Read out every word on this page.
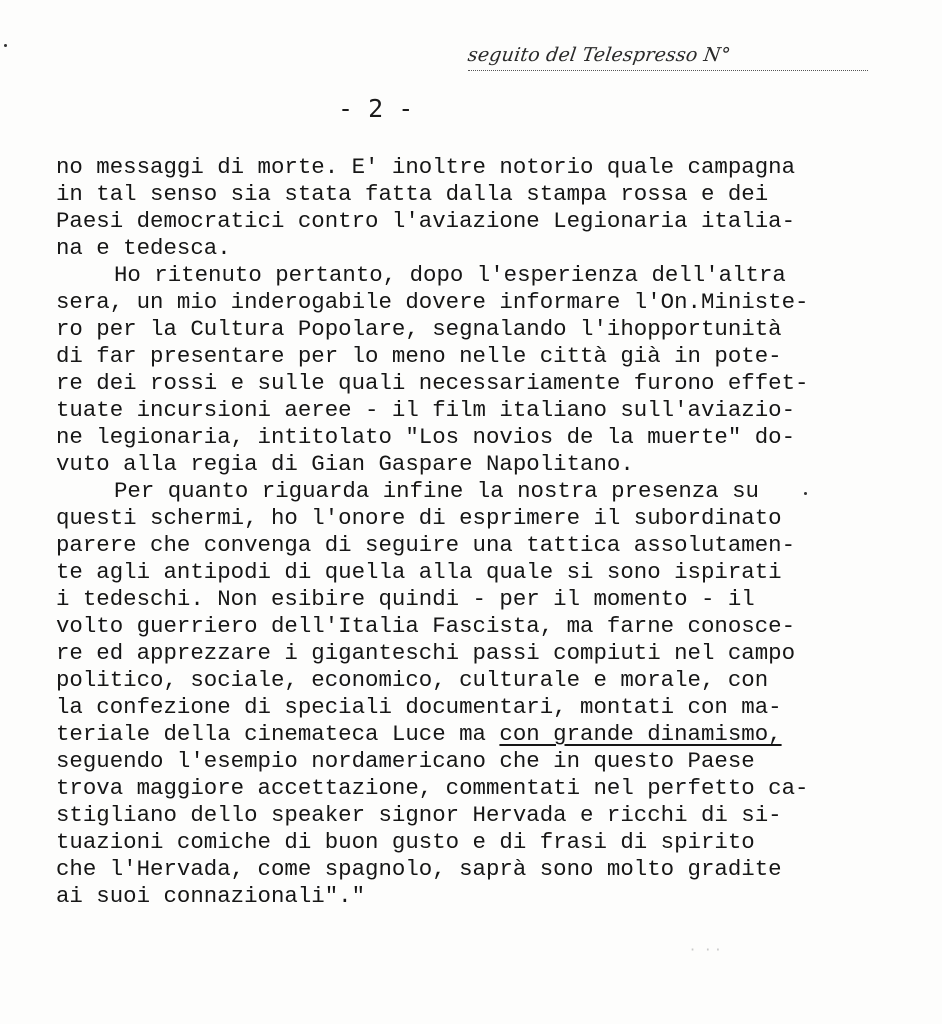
seguito del Telespresso N°
- 2 -
no messaggi di morte. E' inoltre notorio quale campagna
in tal senso sia stata fatta dalla stampa rossa e dei
Paesi democratici contro l'aviazione Legionaria italia-
na e tedesca.
Ho ritenuto pertanto, dopo l'esperienza dell'altra
sera, un mio inderogabile dovere informare l'On.Ministe-
ro per la Cultura Popolare, segnalando l'ihopportunità
di far presentare per lo meno nelle città già in pote-
re dei rossi e sulle quali necessariamente furono effet-
tuate incursioni aeree - il film italiano sull'aviazio-
ne legionaria, intitolato "Los novios de la muerte" do-
vuto alla regia di Gian Gaspare Napolitano.
Per quanto riguarda infine la nostra presenza su
questi schermi, ho l'onore di esprimere il subordinato
parere che convenga di seguire una tattica assolutamen-
te agli antipodi di quella alla quale si sono ispirati
i tedeschi. Non esibire quindi - per il momento - il
volto guerriero dell'Italia Fascista, ma farne conosce-
re ed apprezzare i giganteschi passi compiuti nel campo
politico, sociale, economico, culturale e morale, con
la confezione di speciali documentari, montati con ma-
teriale della cinemateca Luce ma con grande dinamismo,
seguendo l'esempio nordamericano che in questo Paese
trova maggiore accettazione, commentati nel perfetto ca-
stigliano dello speaker signor Hervada e ricchi di si-
tuazioni comiche di buon gusto e di frasi di spirito
che l'Hervada, come spagnolo, saprà sono molto gradite
ai suoi connazionali"."
·  · ·
